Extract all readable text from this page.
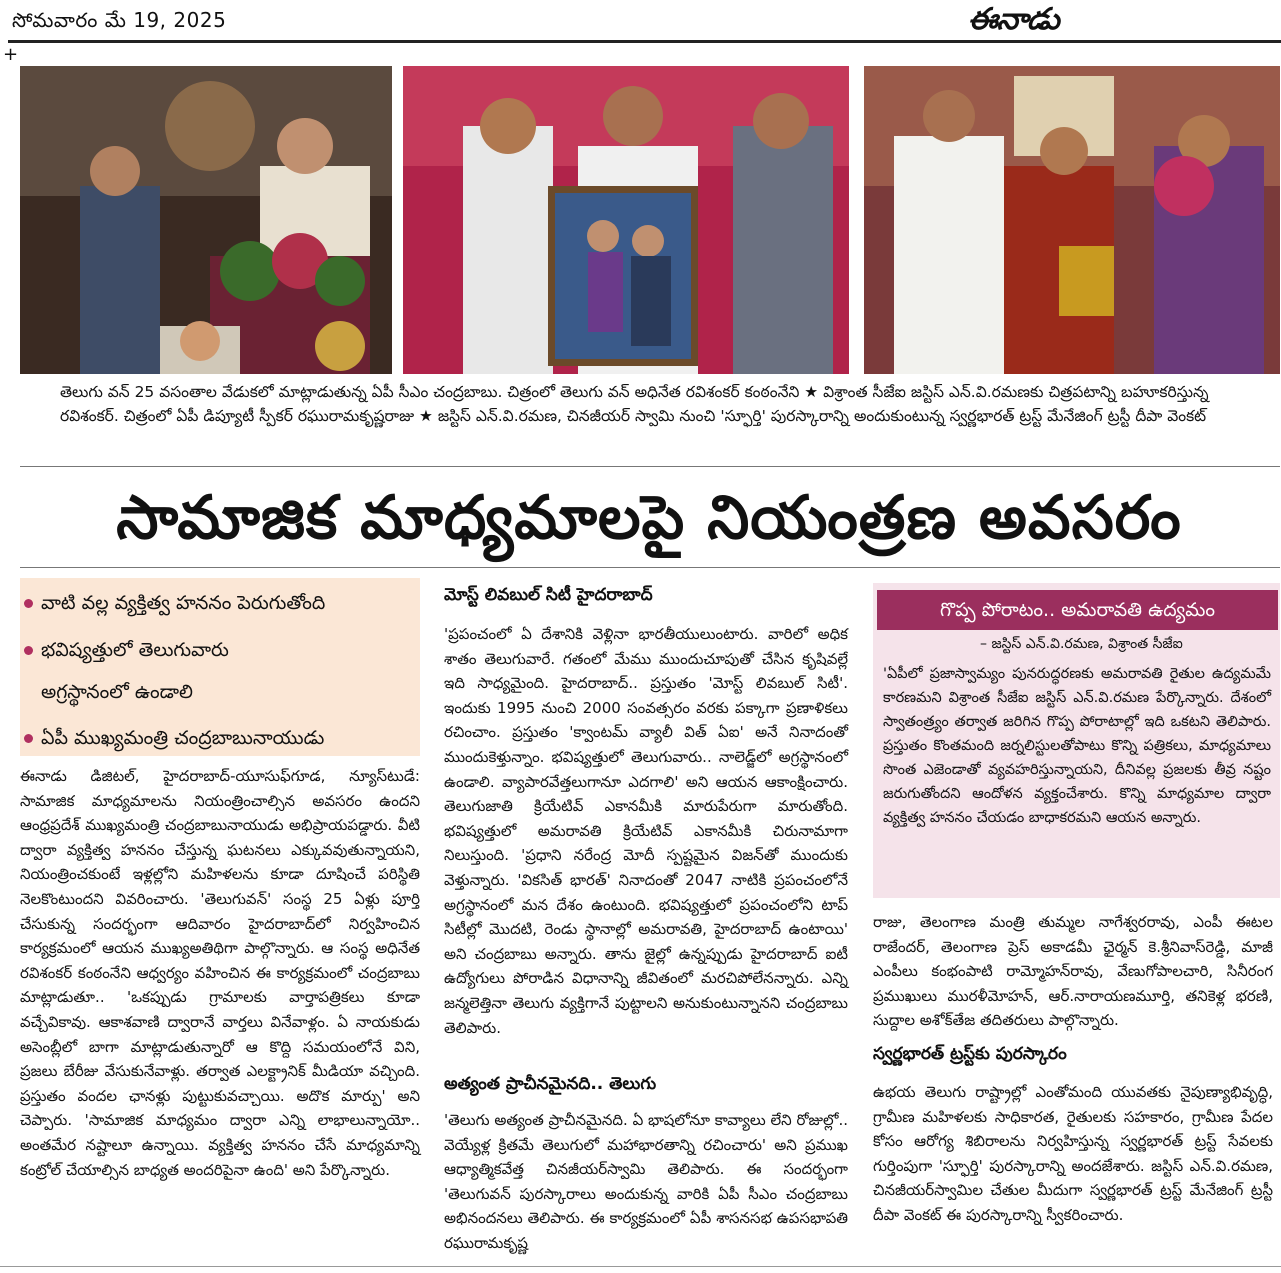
సోమవారం మే 19, 2025	ఈనాడు
+
తెలుగు వన్‌ 25 వసంతాల వేడుకలో మాట్లాడుతున్న ఏపీ సీఎం చంద్రబాబు. చిత్రంలో తెలుగు వన్‌ అధినేత రవిశంకర్‌ కంఠంనేని ★ విశ్రాంత సీజేఐ జస్టిస్‌ ఎన్‌.వి.రమణకు చిత్రపటాన్ని బహూకరిస్తున్న రవిశంకర్‌. చిత్రంలో ఏపీ డిప్యూటీ స్పీకర్‌ రఘురామకృష్ణరాజు ★ జస్టిస్‌ ఎన్‌.వి.రమణ, చినజీయర్‌ స్వామి నుంచి 'స్ఫూర్తి' పురస్కారాన్ని అందుకుంటున్న స్వర్ణభారత్‌ ట్రస్ట్‌ మేనేజింగ్‌ ట్రస్టీ దీపా వెంకట్‌
సామాజిక మాధ్యమాలపై నియంత్రణ అవసరం
వాటి వల్ల వ్యక్తిత్వ హననం పెరుగుతోంది
భవిష్యత్తులో తెలుగువారు
అగ్రస్థానంలో ఉండాలి
ఏపీ ముఖ్యమంత్రి చంద్రబాబునాయుడు
ఈనాడు డిజిటల్‌, హైదరాబాద్‌-యూసుఫ్‌గూడ, న్యూస్‌టుడే: సామాజిక మాధ్యమాలను నియంత్రించాల్సిన అవసరం ఉందని ఆంధ్రప్రదేశ్‌ ముఖ్యమంత్రి చంద్రబాబునాయుడు అభిప్రాయపడ్డారు. వీటి ద్వారా వ్యక్తిత్వ హననం చేస్తున్న ఘటనలు ఎక్కువవుతున్నాయని, నియంత్రించకుంటే ఇళ్లల్లోని మహిళలను కూడా దూషించే పరిస్థితి నెలకొంటుందని వివరించారు. 'తెలుగువన్‌' సంస్థ 25 ఏళ్లు పూర్తి చేసుకున్న సందర్భంగా ఆదివారం హైదరాబాద్‌లో నిర్వహించిన కార్యక్రమంలో ఆయన ముఖ్యఅతిథిగా పాల్గొన్నారు. ఆ సంస్థ అధినేత రవిశంకర్‌ కంఠంనేని ఆధ్వర్యం వహించిన ఈ కార్యక్రమంలో చంద్రబాబు మాట్లాడుతూ.. 'ఒకప్పుడు గ్రామాలకు వార్తాపత్రికలు కూడా వచ్చేవికావు. ఆకాశవాణి ద్వారానే వార్తలు వినేవాళ్లం. ఏ నాయకుడు అసెంబ్లీలో బాగా మాట్లాడుతున్నారో ఆ కొద్ది సమయంలోనే విని, ప్రజలు బేరీజు వేసుకునేవాళ్లు. తర్వాత ఎలక్ట్రానిక్‌ మీడియా వచ్చింది. ప్రస్తుతం వందల ఛానళ్లు పుట్టుకువచ్చాయి. అదొక మార్పు' అని చెప్పారు. 'సామాజిక మాధ్యమం ద్వారా ఎన్ని లాభాలున్నాయో.. అంతమేర నష్టాలూ ఉన్నాయి. వ్యక్తిత్వ హననం చేసే మాధ్యమాన్ని కంట్రోల్‌ చేయాల్సిన బాధ్యత అందరిపైనా ఉంది' అని పేర్కొన్నారు.
మోస్ట్‌ లివబుల్‌ సిటీ హైదరాబాద్‌
'ప్రపంచంలో ఏ దేశానికి వెళ్లినా భారతీయులుంటారు. వారిలో అధిక శాతం తెలుగువారే. గతంలో మేము ముందుచూపుతో చేసిన కృషివల్లే ఇది సాధ్యమైంది. హైదరాబాద్‌.. ప్రస్తుతం 'మోస్ట్‌ లివబుల్‌ సిటీ'. ఇందుకు 1995 నుంచి 2000 సంవత్సరం వరకు పక్కాగా ప్రణాళికలు రచించాం. ప్రస్తుతం 'క్వాంటమ్‌ వ్యాలీ విత్‌ ఏఐ' అనే నినాదంతో ముందుకెళ్తున్నాం. భవిష్యత్తులో తెలుగువారు.. నాలెడ్జ్‌లో అగ్రస్థానంలో ఉండాలి. వ్యాపారవేత్తలుగానూ ఎదగాలి' అని ఆయన ఆకాంక్షించారు. తెలుగుజాతి క్రియేటివ్‌ ఎకానమీకి మారుపేరుగా మారుతోంది. భవిష్యత్తులో అమరావతి క్రియేటివ్‌ ఎకానమీకి చిరునామాగా నిలుస్తుంది. 'ప్రధాని నరేంద్ర మోదీ స్పష్టమైన విజన్‌తో ముందుకు వెళ్తున్నారు. 'వికసిత్‌ భారత్‌' నినాదంతో 2047 నాటికి ప్రపంచంలోనే అగ్రస్థానంలో మన దేశం ఉంటుంది. భవిష్యత్తులో ప్రపంచంలోని టాప్‌ సిటీల్లో మొదటి, రెండు స్థానాల్లో అమరావతి, హైదరాబాద్‌ ఉంటాయి' అని చంద్రబాబు అన్నారు. తాను జైల్లో ఉన్నప్పుడు హైదరాబాద్‌ ఐటీ ఉద్యోగులు పోరాడిన విధానాన్ని జీవితంలో మరచిపోలేనన్నారు. ఎన్ని జన్మలెత్తినా తెలుగు వ్యక్తిగానే పుట్టాలని అనుకుంటున్నానని చంద్రబాబు తెలిపారు.
అత్యంత ప్రాచీనమైనది.. తెలుగు
'తెలుగు అత్యంత ప్రాచీనమైనది. ఏ భాషలోనూ కావ్యాలు లేని రోజుల్లో.. వెయ్యేళ్ల క్రితమే తెలుగులో మహాభారతాన్ని రచించారు' అని ప్రముఖ ఆధ్యాత్మికవేత్త చినజీయర్‌స్వామి తెలిపారు. ఈ సందర్భంగా 'తెలుగువన్‌ పురస్కారాలు అందుకున్న వారికి ఏపీ సీఎం చంద్రబాబు అభినందనలు తెలిపారు. ఈ కార్యక్రమంలో ఏపీ శాసనసభ ఉపసభాపతి రఘురామకృష్ణ
గొప్ప పోరాటం.. అమరావతి ఉద్యమం
– జస్టిస్‌ ఎన్‌.వి.రమణ, విశ్రాంత సీజేఐ
'ఏపీలో ప్రజాస్వామ్యం పునరుద్ధరణకు అమరావతి రైతుల ఉద్యమమే కారణమని విశ్రాంత సీజేఐ జస్టిస్‌ ఎన్‌.వి.రమణ పేర్కొన్నారు. దేశంలో స్వాతంత్ర్యం తర్వాత జరిగిన గొప్ప పోరాటాల్లో ఇది ఒకటని తెలిపారు. ప్రస్తుతం కొంతమంది జర్నలిస్టులతోపాటు కొన్ని పత్రికలు, మాధ్యమాలు సొంత ఎజెండాతో వ్యవహరిస్తున్నాయని, దీనివల్ల ప్రజలకు తీవ్ర నష్టం జరుగుతోందని ఆందోళన వ్యక్తంచేశారు. కొన్ని మాధ్యమాల ద్వారా వ్యక్తిత్వ హననం చేయడం బాధాకరమని ఆయన అన్నారు.
రాజు, తెలంగాణ మంత్రి తుమ్మల నాగేశ్వరరావు, ఎంపీ ఈటల రాజేందర్‌, తెలంగాణ ప్రెస్‌ అకాడమీ ఛైర్మన్‌ కె.శ్రీనివాస్‌రెడ్డి, మాజీ ఎంపీలు కంభంపాటి రామ్మోహన్‌రావు, వేణుగోపాలచారి, సినీరంగ ప్రముఖులు మురళీమోహన్‌, ఆర్‌.నారాయణమూర్తి, తనికెళ్ల భరణి, సుద్దాల అశోక్‌తేజ తదితరులు పాల్గొన్నారు.
స్వర్ణభారత్‌ ట్రస్ట్‌కు పురస్కారం
ఉభయ తెలుగు రాష్ట్రాల్లో ఎంతోమంది యువతకు నైపుణ్యాభివృద్ధి, గ్రామీణ మహిళలకు సాధికారత, రైతులకు సహకారం, గ్రామీణ పేదల కోసం ఆరోగ్య శిబిరాలను నిర్వహిస్తున్న స్వర్ణభారత్‌ ట్రస్ట్‌ సేవలకు గుర్తింపుగా 'స్ఫూర్తి' పురస్కారాన్ని అందజేశారు. జస్టిస్‌ ఎన్‌.వి.రమణ, చినజీయర్‌స్వామిల చేతుల మీదుగా స్వర్ణభారత్‌ ట్రస్ట్‌ మేనేజింగ్‌ ట్రస్టీ దీపా వెంకట్‌ ఈ పురస్కారాన్ని స్వీకరించారు.
